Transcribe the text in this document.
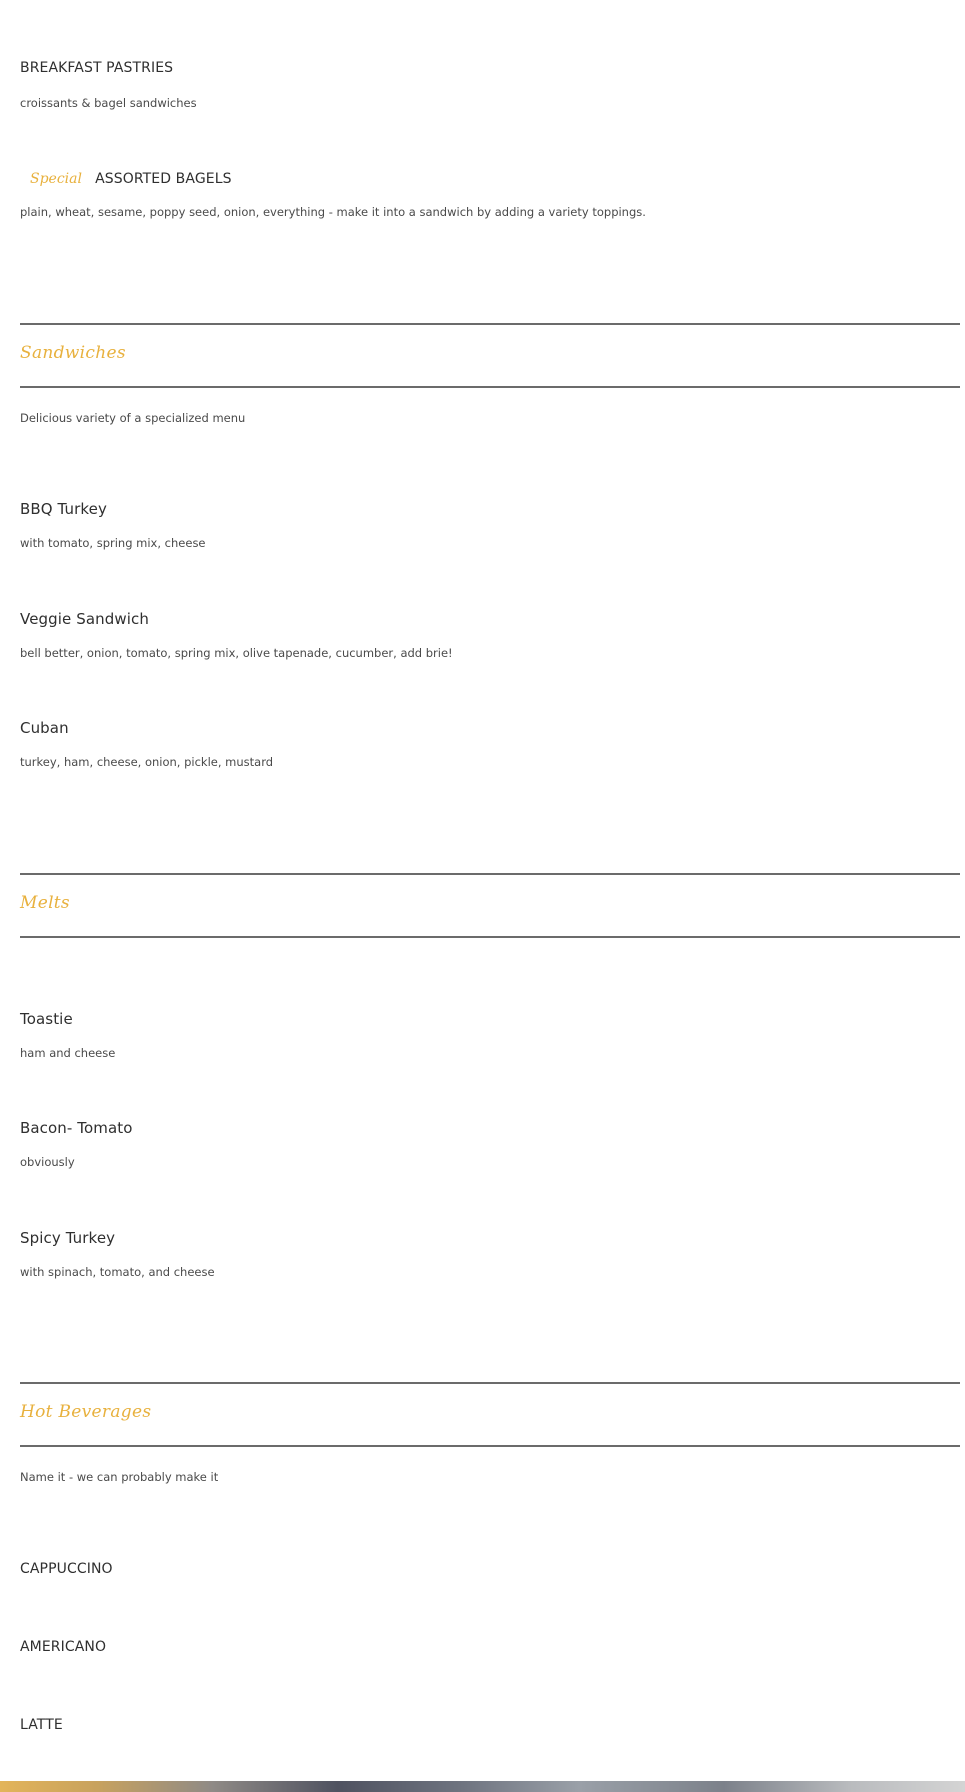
BREAKFAST PASTRIES
croissants & bagel sandwiches
Special ASSORTED BAGELS
plain, wheat, sesame, poppy seed, onion, everything - make it into a sandwich by adding a variety toppings.
Sandwiches
Delicious variety of a specialized menu
BBQ Turkey
with tomato, spring mix, cheese
Veggie Sandwich
bell better, onion, tomato, spring mix, olive tapenade, cucumber, add brie!
Cuban
turkey, ham, cheese, onion, pickle, mustard
Melts
Toastie
ham and cheese
Bacon- Tomato
obviously
Spicy Turkey
with spinach, tomato, and cheese
Hot Beverages
Name it - we can probably make it
CAPPUCCINO
AMERICANO
LATTE
